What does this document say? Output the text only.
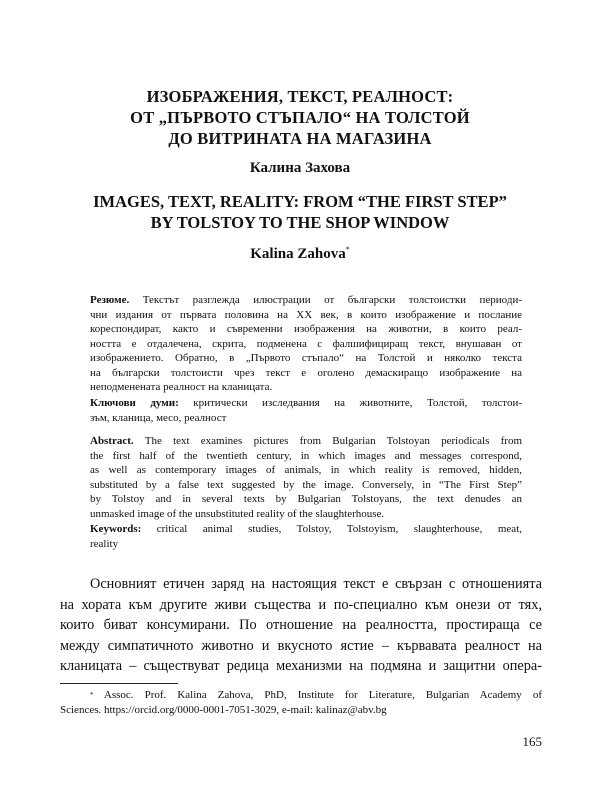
ИЗОБРАЖЕНИЯ, ТЕКСТ, РЕАЛНОСТ:
ОТ „ПЪРВОТО СТЪПАЛО“ НА ТОЛСТОЙ
ДО ВИТРИНАТА НА МАГАЗИНА
Калина Захова
IMAGES, TEXT, REALITY: FROM “THE FIRST STEP”
BY TOLSTOY TO THE SHOP WINDOW
Kalina Zahova*
Резюме. Текстът разглежда илюстрации от български толстоистки периоди-
чни издания от първата половина на ХХ век, в които изображение и послание
кореспондират, както и съвременни изображения на животни, в които реал-
ността е отдалечена, скрита, подменена с фалшифициращ текст, внушаван от
изображението. Обратно, в „Първото стъпало“ на Толстой и няколко текста
на български толстоисти чрез текст е оголено демаскиращо изображение на
неподменената реалност на кланицата.
Ключови думи: критически изследвания на животните, Толстой, толстои-
зъм, кланица, месо, реалност
Abstract. The text examines pictures from Bulgarian Tolstoyan periodicals from
the first half of the twentieth century, in which images and messages correspond,
as well as contemporary images of animals, in which reality is removed, hidden,
substituted by a false text suggested by the image. Conversely, in “The First Step”
by Tolstoy and in several texts by Bulgarian Tolstoyans, the text denudes an
unmasked image of the unsubstituted reality of the slaughterhouse.
Keywords: critical animal studies, Tolstoy, Tolstoyism, slaughterhouse, meat,
reality
Основният етичен заряд на настоящия текст е свързан с отношенията
на хората към другите живи същества и по-специално към онези от тях,
които биват консумирани. По отношение на реалността, простираща се
между симпатичното животно и вкусното ястие – кървавата реалност на
кланицата – съществуват редица механизми на подмяна и защитни опера-
* Assoc. Prof. Kalina Zahova, PhD, Institute for Literature, Bulgarian Academy of
Sciences. https://orcid.org/0000-0001-7051-3029, e-mail: kalinaz@abv.bg
165
